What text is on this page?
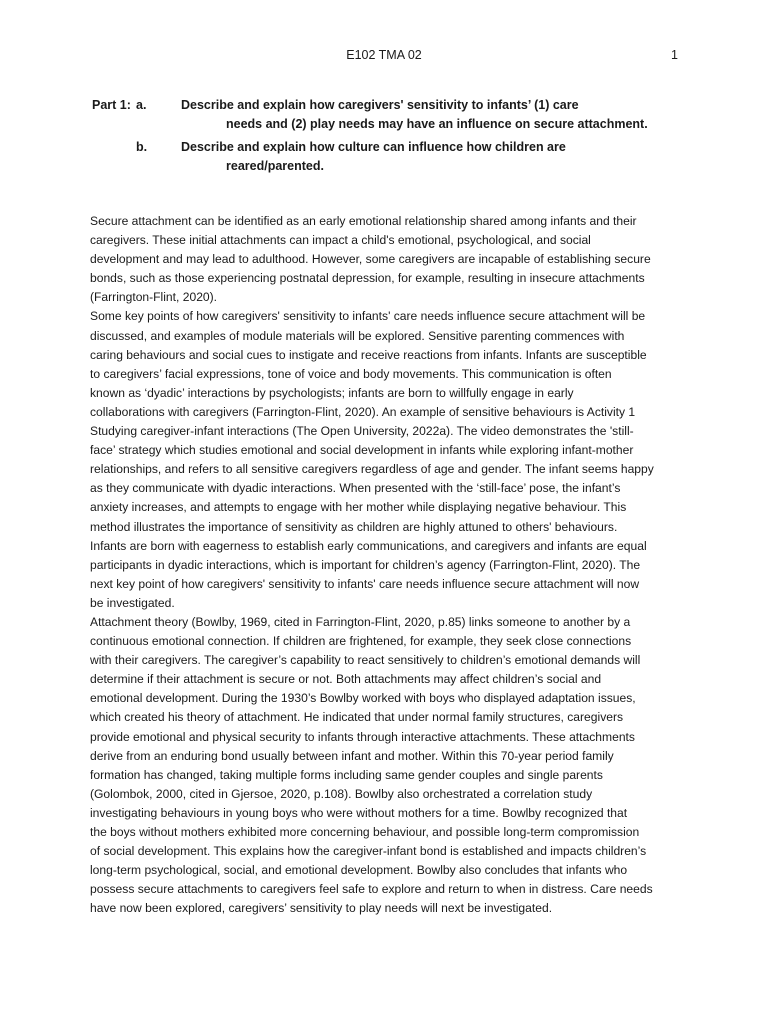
E102 TMA 02	1
Part 1: a.	Describe and explain how caregivers' sensitivity to infants’ (1) care
needs and (2) play needs may have an influence on secure attachment.
b.	Describe and explain how culture can influence how children are
reared/parented.

Secure attachment can be identified as an early emotional relationship shared among infants and their
caregivers. These initial attachments can impact a child's emotional, psychological, and social
development and may lead to adulthood. However, some caregivers are incapable of establishing secure
bonds, such as those experiencing postnatal depression, for example, resulting in insecure attachments
(Farrington-Flint, 2020).

Some key points of how caregivers' sensitivity to infants' care needs influence secure attachment will be
discussed, and examples of module materials will be explored. Sensitive parenting commences with
caring behaviours and social cues to instigate and receive reactions from infants. Infants are susceptible
to caregivers’ facial expressions, tone of voice and body movements. This communication is often
known as ‘dyadic’ interactions by psychologists; infants are born to willfully engage in early
collaborations with caregivers (Farrington-Flint, 2020). An example of sensitive behaviours is Activity 1
Studying caregiver-infant interactions (The Open University, 2022a). The video demonstrates the 'still-
face’ strategy which studies emotional and social development in infants while exploring infant-mother
relationships, and refers to all sensitive caregivers regardless of age and gender. The infant seems happy
as they communicate with dyadic interactions. When presented with the ‘still-face’ pose, the infant’s
anxiety increases, and attempts to engage with her mother while displaying negative behaviour. This
method illustrates the importance of sensitivity as children are highly attuned to others' behaviours.
Infants are born with eagerness to establish early communications, and caregivers and infants are equal
participants in dyadic interactions, which is important for children’s agency (Farrington-Flint, 2020). The
next key point of how caregivers' sensitivity to infants' care needs influence secure attachment will now
be investigated.

Attachment theory (Bowlby, 1969, cited in Farrington-Flint, 2020, p.85) links someone to another by a
continuous emotional connection. If children are frightened, for example, they seek close connections
with their caregivers. The caregiver’s capability to react sensitively to children’s emotional demands will
determine if their attachment is secure or not. Both attachments may affect children’s social and
emotional development. During the 1930’s Bowlby worked with boys who displayed adaptation issues,
which created his theory of attachment. He indicated that under normal family structures, caregivers
provide emotional and physical security to infants through interactive attachments. These attachments
derive from an enduring bond usually between infant and mother. Within this 70-year period family
formation has changed, taking multiple forms including same gender couples and single parents
(Golombok, 2000, cited in Gjersoe, 2020, p.108). Bowlby also orchestrated a correlation study
investigating behaviours in young boys who were without mothers for a time. Bowlby recognized that
the boys without mothers exhibited more concerning behaviour, and possible long-term compromission
of social development. This explains how the caregiver-infant bond is established and impacts children’s
long-term psychological, social, and emotional development. Bowlby also concludes that infants who
possess secure attachments to caregivers feel safe to explore and return to when in distress. Care needs
have now been explored, caregivers’ sensitivity to play needs will next be investigated.
